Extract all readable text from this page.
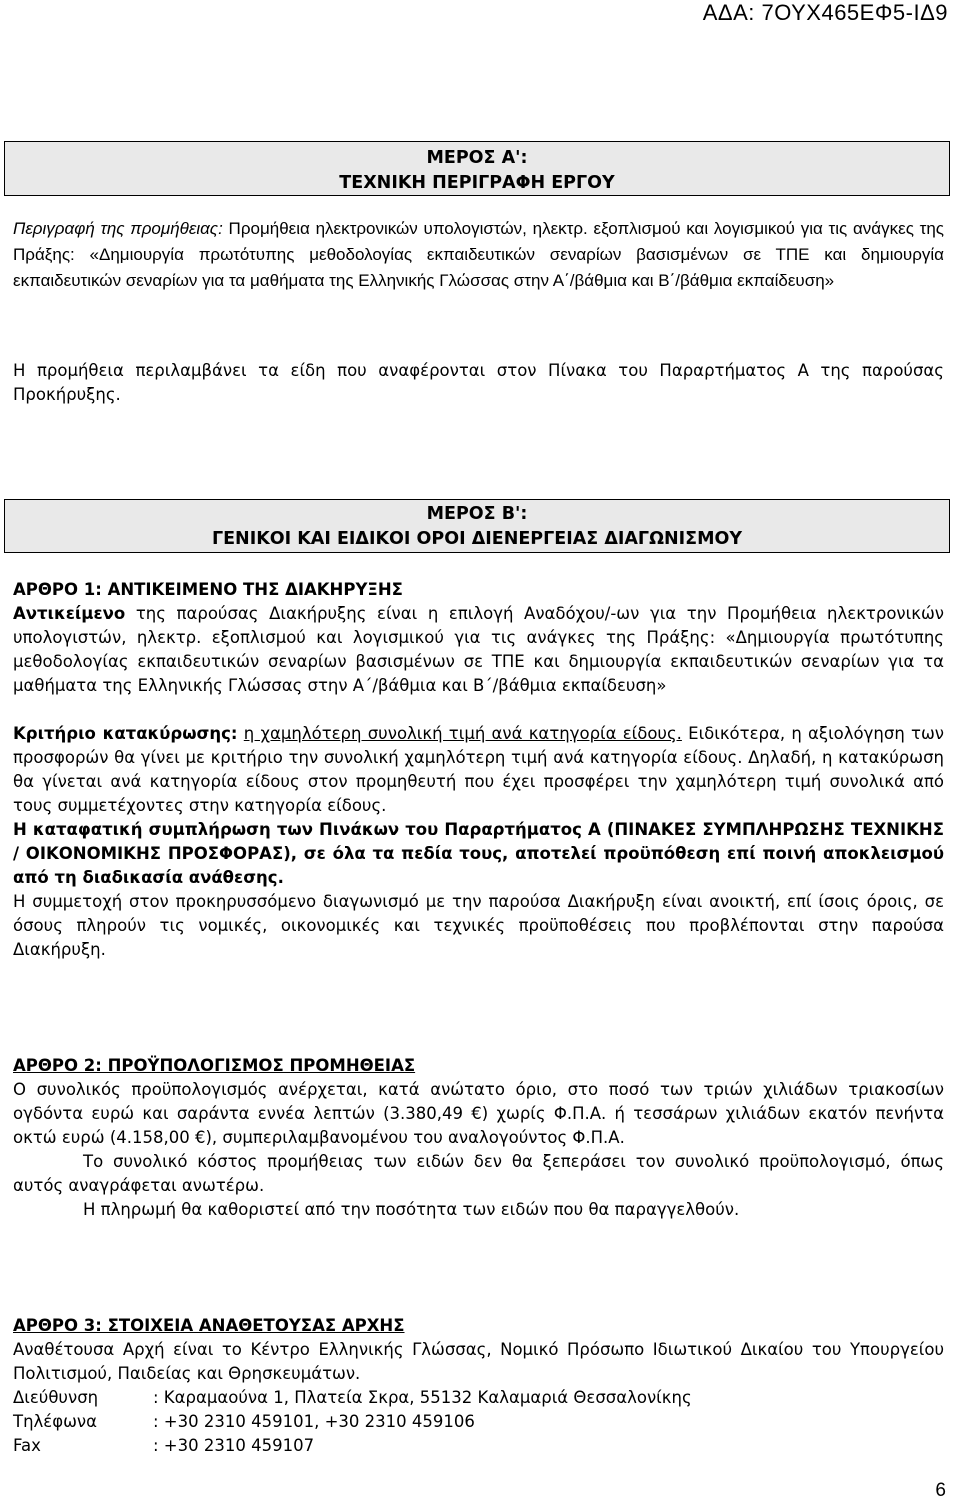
ΑΔΑ: 7ΟΥΧ465ΕΦ5-ΙΔ9
ΜΕΡΟΣ Α':
ΤΕΧΝΙΚΗ ΠΕΡΙΓΡΑΦΗ ΕΡΓΟΥ

Περιγραφή της προμήθειας: Προμήθεια ηλεκτρονικών υπολογιστών, ηλεκτρ. εξοπλισμού και λογισμικού για τις ανάγκες της Πράξης: «Δημιουργία πρωτότυπης μεθοδολογίας εκπαιδευτικών σεναρίων βασισμένων σε ΤΠΕ και δημιουργία εκπαιδευτικών σεναρίων για τα μαθήματα της Ελληνικής Γλώσσας στην Α΄/βάθμια και Β΄/βάθμια εκπαίδευση»

Η προμήθεια περιλαμβάνει τα είδη που αναφέρονται στον Πίνακα του Παραρτήματος Α της παρούσας Προκήρυξης.

ΜΕΡΟΣ Β':
ΓΕΝΙΚΟΙ ΚΑΙ ΕΙΔΙΚΟΙ ΟΡΟΙ ΔΙΕΝΕΡΓΕΙΑΣ ΔΙΑΓΩΝΙΣΜΟΥ

ΑΡΘΡΟ 1: ΑΝΤΙΚΕΙΜΕΝΟ ΤΗΣ ΔΙΑΚΗΡΥΞΗΣ

Αντικείμενο της παρούσας Διακήρυξης είναι η επιλογή Αναδόχου/-ων για την Προμήθεια ηλεκτρονικών υπολογιστών, ηλεκτρ. εξοπλισμού και λογισμικού για τις ανάγκες της Πράξης: «Δημιουργία πρωτότυπης μεθοδολογίας εκπαιδευτικών σεναρίων βασισμένων σε ΤΠΕ και δημιουργία εκπαιδευτικών σεναρίων για τα μαθήματα της Ελληνικής Γλώσσας στην Α΄/βάθμια και Β΄/βάθμια εκπαίδευση»

Κριτήριο κατακύρωσης: η χαμηλότερη συνολική τιμή ανά κατηγορία είδους. Ειδικότερα, η αξιολόγηση των προσφορών θα γίνει με κριτήριο την συνολική χαμηλότερη τιμή ανά κατηγορία είδους. Δηλαδή, η κατακύρωση θα γίνεται ανά κατηγορία είδους στον προμηθευτή που έχει προσφέρει την χαμηλότερη τιμή συνολικά από τους συμμετέχοντες στην κατηγορία είδους.

Η καταφατική συμπλήρωση των Πινάκων του Παραρτήματος Α (ΠΙΝΑΚΕΣ ΣΥΜΠΛΗΡΩΣΗΣ ΤΕΧΝΙΚΗΣ / ΟΙΚΟΝΟΜΙΚΗΣ ΠΡΟΣΦΟΡΑΣ), σε όλα τα πεδία τους, αποτελεί προϋπόθεση επί ποινή αποκλεισμού από τη διαδικασία ανάθεσης.

Η συμμετοχή στον προκηρυσσόμενο διαγωνισμό με την παρούσα Διακήρυξη είναι ανοικτή, επί ίσοις όροις, σε όσους πληρούν τις νομικές, οικονομικές και τεχνικές προϋποθέσεις που προβλέπονται στην παρούσα Διακήρυξη.

ΑΡΘΡΟ 2: ΠΡΟΫΠΟΛΟΓΙΣΜΟΣ ΠΡΟΜΗΘΕΙΑΣ

Ο συνολικός προϋπολογισμός ανέρχεται, κατά ανώτατο όριο, στο ποσό των τριών χιλιάδων τριακοσίων ογδόντα ευρώ και σαράντα εννέα λεπτών (3.380,49 €) χωρίς Φ.Π.Α. ή τεσσάρων χιλιάδων εκατόν πενήντα οκτώ ευρώ (4.158,00 €), συμπεριλαμβανομένου του αναλογούντος Φ.Π.Α.

Το συνολικό κόστος προμήθειας των ειδών δεν θα ξεπεράσει τον συνολικό προϋπολογισμό, όπως αυτός αναγράφεται ανωτέρω.

Η πληρωμή θα καθοριστεί από την ποσότητα των ειδών που θα παραγγελθούν.

ΑΡΘΡΟ 3: ΣΤΟΙΧΕΙΑ ΑΝΑΘΕΤΟΥΣΑΣ ΑΡΧΗΣ

Αναθέτουσα Αρχή είναι το Κέντρο Ελληνικής Γλώσσας, Νομικό Πρόσωπο Ιδιωτικού Δικαίου του Υπουργείου Πολιτισμού, Παιδείας και Θρησκευμάτων.

Διεύθυνση	: Καραμαούνα 1, Πλατεία Σκρα, 55132 Καλαμαριά Θεσσαλονίκης
Τηλέφωνα	: +30 2310 459101, +30 2310 459106
Fax	: +30 2310 459107
6
